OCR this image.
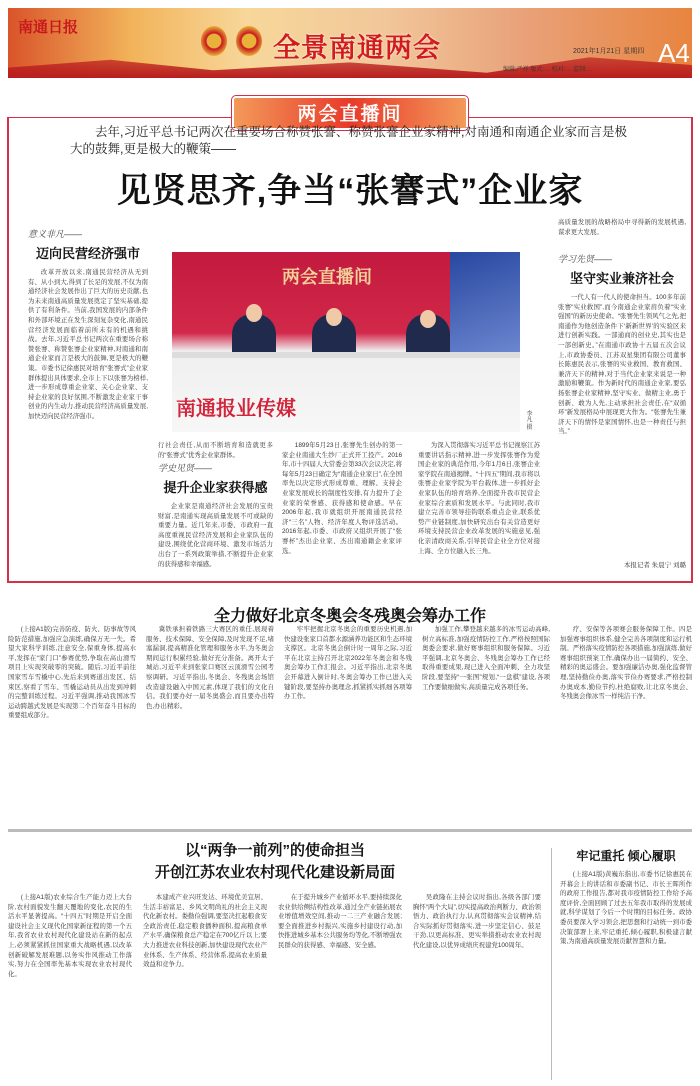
南通日报
全景南通两会	2021年1月21日 星期四
编辑:严祥 版式:… 校对:… 监制:…
A4
两会直播间
去年,习近平总书记两次在重要场合称赞张謇、称赞张謇企业家精神,对南通和南通企业家而言是极大的鼓舞,更是极大的鞭策——
见贤思齐,争当“张謇式”企业家
意义非凡——
迈向民营经济强市
改革开放以来,南通民营经济从无到有、从小到大,得到了长足的发展,不仅为南通经济社会发展作出了巨大的历史贡献,也为未来南通高质量发展奠定了坚实基础,提供了有利条件。当前,我国发展的内部条件和外部环境正在发生深刻复杂变化,南通民营经济发展面临着前所未有的机遇和挑战。去年,习近平总书记两次在重要场合称赞张謇、称赞张謇企业家精神,对南通和南通企业家而言是极大的鼓舞,更是极大的鞭策。市委书记徐惠民对培育“张謇式”企业家群体提出具体要求,全市上下以张謇为榜样,进一步形成尊重企业家、关心企业家、支持企业家的良好氛围,不断激发企业家干事创业的内生动力,推动民营经济高质量发展,加快迈向民营经济强市。
两会直播间
南通报业传媒	李凡 摄
行社会责任,从而不断培育和造就更多的“张謇式”优秀企业家群体。
学史见贤——
提升企业家获得感
企业家是南通经济社会发展的宝贵财富,是南通实现高质量发展不可或缺的重要力量。近几年来,市委、市政府一直高度重视民营经济发展和企业家队伍的建设,围绕优化营商环境、激发市场活力出台了一系列政策举措,不断提升企业家的获得感和幸福感。
1899年5月23日,张謇先生创办的第一家企业南通大生纱厂正式开工投产。2016年,市十四届人大常委会第33次会议决定,将每年5月23日确定为“南通企业家日”,在全国率先以决定形式形成尊重、理解、支持企业家发展成长的制度性安排,有力提升了企业家的荣誉感、获得感和使命感。早在2006年起,我市就组织开展南通民营经济“三名”人物、经济年度人物评选活动。2016年起,市委、市政府又组织开展了“张謇杯”杰出企业家、杰出南通籍企业家评选。
为深入贯彻落实习近平总书记视察江苏重要讲话指示精神,进一步发挥张謇作为爱国企业家的典范作用,今年1月6日,张謇企业家学院在南通揭牌。“十四五”期间,我市将以张謇企业家学院为平台载体,进一步抓好企业家队伍的培育培养,全面提升我市民营企业家综合素质和发展水平。与此同时,我市建立完善市领导挂钩联系重点企业,联系优势产业链制度,加快研究出台有关营造更好环境支持民营企业改革发展的实施意见,强化亲清政商关系,引导民营企业全方位对接上海、全方位融入长三角。
高质量发展的战略格局中寻得新的发展机遇,谋求更大发展。
学习先贤——
坚守实业兼济社会
一代人有一代人的使命担当。100多年前张謇“实业救国”,而今南通企业家肩负着“实业强国”的新历史使命。“张謇先生领风气之先,把南通作为他创造条件下‘新新世界’的实验区来进行创新实践。一部通商的创业史,其实也是一部创新史。”在南通市政协十五届五次会议上,市政协委员、江苏双星集团有限公司董事长陈惠民表示,张謇的实业救国、教育救国、兼济天下的精神,对于当代企业家来说是一种激励和鞭策。作为新时代的南通企业家,要弘扬张謇企业家精神,坚守实业、做精主业,勇于创新、敢为人先,主动承担社会责任,在“双循环”新发展格局中展现更大作为。“张謇先生兼济天下的情怀是家国情怀,也是一种责任与担当。”
本报记者 朱晨宁 刘璐
全力做好北京冬奥会冬残奥会筹办工作
(上接A1版)完善防疫、防火、防事故等风险防范措施,加强应急演练,确保万无一失。希望大家科学训练,注意安全,保重身体,提高水平,发挥在“家门口”参赛优势,争取在高山滑雪项目上实现突破零的突破。随后,习近平前往国家雪车雪橇中心,先后来到赛道出发区、结束区,察看了雪车、雪橇运动员从出发到冲刺的完整训练过程。习近平强调,推动我国冰雪运动跨越式发展是实现第二个百年奋斗目标的重要组成部分。
冀铁承担着铁路三大赛区的重任,展现着服务、技术保障、安全保障,及时发现不足,堵塞漏洞,提高精准化管理和服务水平,为冬奥会期间运行积累经验,做好充分准备。离开太子城站,习近平来到张家口赛区云顶滑雪公园考察调研。习近平指出,冬奥会、冬残奥会场馆改造建设融入中国元素,体现了我们的文化自信。我们要办好一届冬奥盛会,而且要办出特色,办出精彩。
牢牢把握北京冬奥会的重要历史机遇,加快建设张家口首都水源涵养功能区和生态环境支撑区。北京冬奥会倒计时一周年之际,习近平在北京主持召开北京2022年冬奥会和冬残奥会筹办工作汇报会。习近平指出,北京冬奥会开幕进入倒计时,冬奥会筹办工作已进入关键阶段,要坚持办奥理念,抓紧抓实抓细各项筹办工作。
加强工作,攀登越来越多的冰雪运动高峰,树立高标准,加强疫情防控工作,严格按照国际奥委会要求,做好赛事组织和服务保障。习近平强调,北京冬奥会、冬残奥会筹办工作已经取得重要成果,现已进入全面冲刺、全力攻坚阶段,要坚持“一张图”规划,“一盘棋”建设,各项工作要做细做实,高质量完成各项任务。
疗、安保等各项赛会服务保障工作。四是加强赛事组织体系,健全完善各项制度和运行机制。严格落实疫情防控各项措施,加强演练,做好赛事组织预案工作,确保办出一届简约、安全、精彩的奥运盛会。要加强廉洁办奥,强化监督管理,坚持勤俭办奥,落实节俭办赛要求,严格控制办奥成本,勤俭节约,杜绝腐败,让北京冬奥会、冬残奥会像冰雪一样纯洁干净。
以“两争一前列”的使命担当
开创江苏农业农村现代化建设新局面
(上接A1版)农业综合生产能力迈上大台阶,农村面貌发生翻天覆地的变化,农民的生活水平显著提高。“十四五”时期是开启全面建设社会主义现代化国家新征程的第一个五年,我省农业农村现代化建设站在新的起点上,必须紧紧抓住国家重大战略机遇,以改革创新破解发展难题,以务实作风推动工作落实,努力在全国率先基本实现农业农村现代化。
本建成产业兴旺发达、环境优美宜居、生活丰裕富足、乡风文明尚礼的社会主义现代化新农村。娄勤俭强调,要坚决扛起粮食安全政治责任,稳定粮食播种面积,提高粮食单产水平,确保粮食总产稳定在700亿斤以上;要大力推进农业科技创新,加快建设现代农业产业体系、生产体系、经营体系,提高农业质量效益和竞争力。
在于提升城乡产业循环水平,要持续深化农业供给侧结构性改革,通过全产业链拓展农业增值增效空间,推动一二三产业融合发展;要全面推进乡村振兴,实施乡村建设行动,加快推进城乡基本公共服务均等化,不断增强农民群众的获得感、幸福感、安全感。
吴政隆在主持会议时指出,各级各部门要胸怀“两个大局”,切实提高政治判断力、政治领悟力、政治执行力,认真贯彻落实会议精神,结合实际抓好贯彻落实,进一步坚定信心、鼓足干劲,以更高标准、更实举措推动农业农村现代化建设,以优异成绩庆祝建党100周年。
牢记重托 倾心履职
(上接A1版)黄巍东指出,市委书记徐惠民在开幕会上的讲话和市委副书记、市长王晖所作的政府工作报告,都对我市疫情防控工作给予高度评价,全面回顾了过去五年我市取得的发展成就,科学谋划了今后一个时期的目标任务。政协委员要深入学习领会,把思想和行动统一到市委决策部署上来,牢记重托,倾心履职,积极建言献策,为南通高质量发展贡献智慧和力量。
